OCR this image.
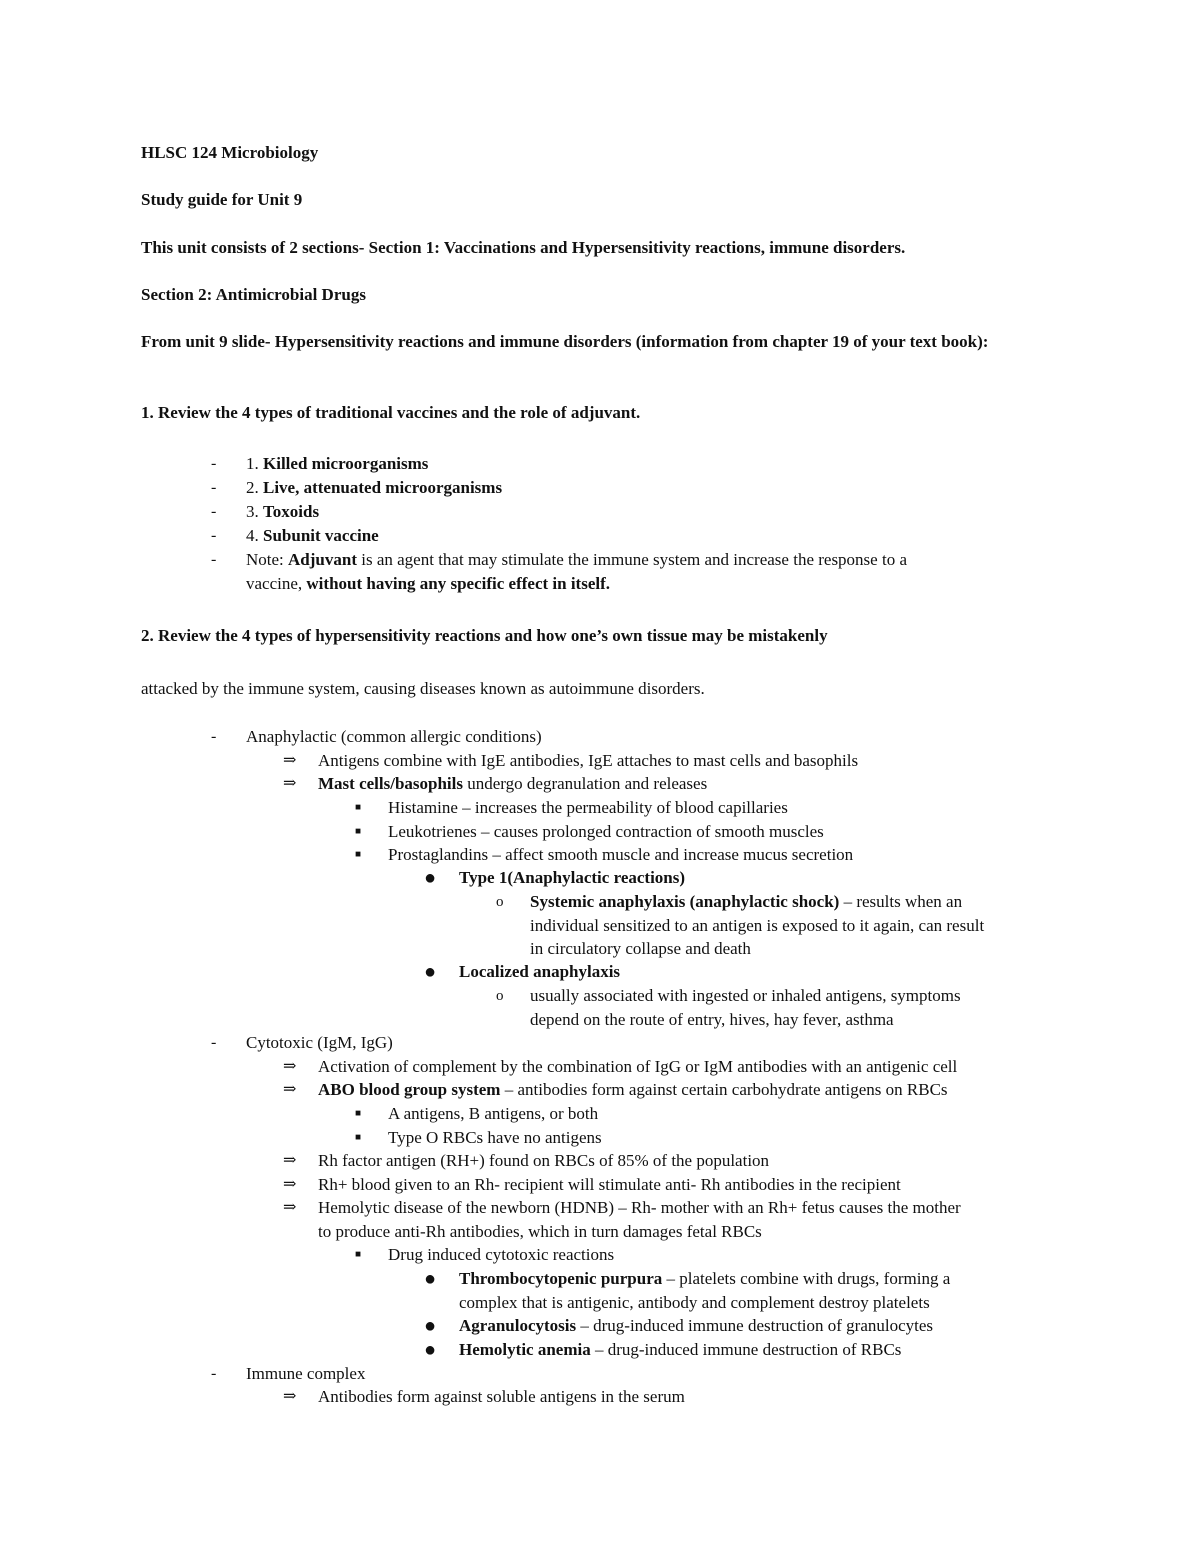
HLSC 124 Microbiology

Study guide for Unit 9

This unit consists of 2 sections- Section 1: Vaccinations and Hypersensitivity reactions, immune disorders.

Section 2: Antimicrobial Drugs

From unit 9 slide- Hypersensitivity reactions and immune disorders (information from chapter 19 of your text book):

1. Review the 4 types of traditional vaccines and the role of adjuvant.

- 1. Killed microorganisms

- 2. Live, attenuated microorganisms

- 3. Toxoids

- 4. Subunit vaccine

- Note: Adjuvant is an agent that may stimulate the immune system and increase the response to a

vaccine, without having any specific effect in itself.

2. Review the 4 types of hypersensitivity reactions and how one’s own tissue may be mistakenly

attacked by the immune system, causing diseases known as autoimmune disorders.

- Anaphylactic (common allergic conditions)

⇒ Antigens combine with IgE antibodies, IgE attaches to mast cells and basophils

⇒ Mast cells/basophils undergo degranulation and releases

■ Histamine – increases the permeability of blood capillaries

■ Leukotrienes – causes prolonged contraction of smooth muscles

■ Prostaglandins – affect smooth muscle and increase mucus secretion

● Type 1(Anaphylactic reactions)

o Systemic anaphylaxis (anaphylactic shock) – results when an

individual sensitized to an antigen is exposed to it again, can result

in circulatory collapse and death

● Localized anaphylaxis

o usually associated with ingested or inhaled antigens, symptoms

depend on the route of entry, hives, hay fever, asthma

- Cytotoxic (IgM, IgG)

⇒ Activation of complement by the combination of IgG or IgM antibodies with an antigenic cell

⇒ ABO blood group system – antibodies form against certain carbohydrate antigens on RBCs

■ A antigens, B antigens, or both

■ Type O RBCs have no antigens

⇒ Rh factor antigen (RH+) found on RBCs of 85% of the population

⇒ Rh+ blood given to an Rh- recipient will stimulate anti- Rh antibodies in the recipient

⇒ Hemolytic disease of the newborn (HDNB) – Rh- mother with an Rh+ fetus causes the mother

to produce anti-Rh antibodies, which in turn damages fetal RBCs

■ Drug induced cytotoxic reactions

● Thrombocytopenic purpura – platelets combine with drugs, forming a

complex that is antigenic, antibody and complement destroy platelets

● Agranulocytosis – drug-induced immune destruction of granulocytes

● Hemolytic anemia – drug-induced immune destruction of RBCs

- Immune complex

⇒ Antibodies form against soluble antigens in the serum
